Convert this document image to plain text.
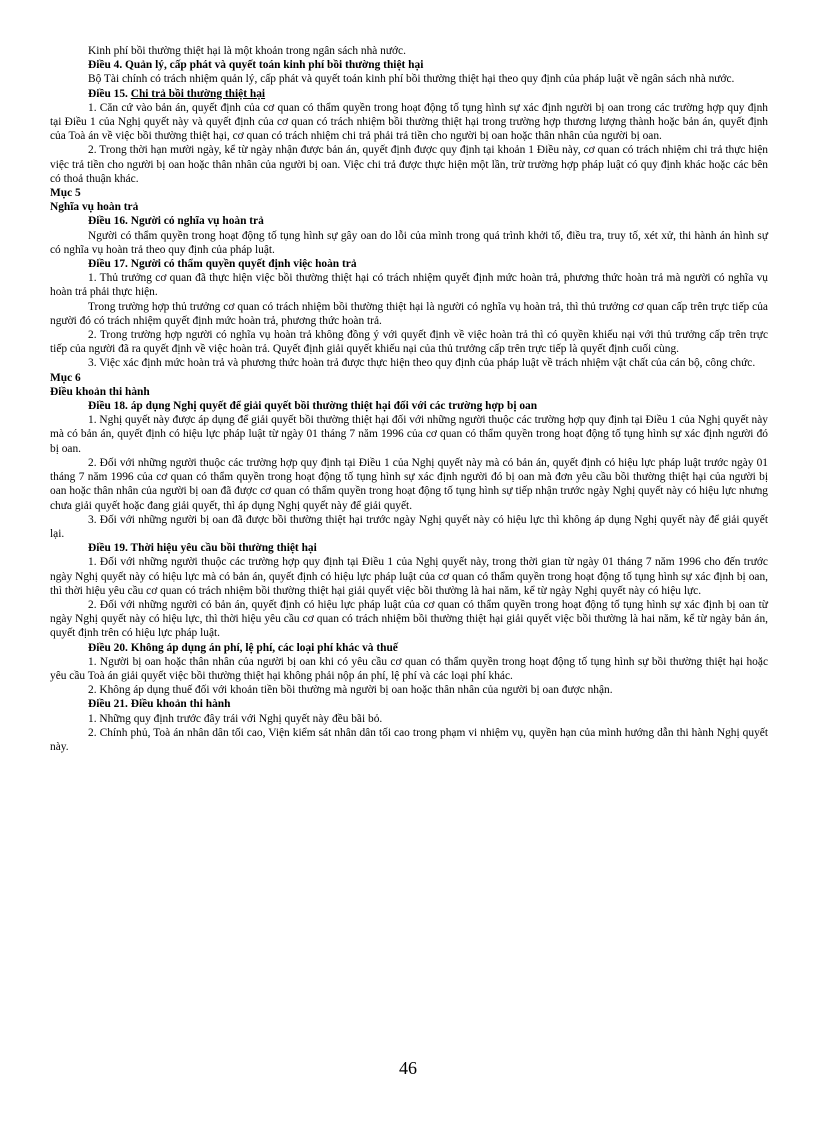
Kinh phí bồi thường thiệt hại là một khoản trong ngân sách nhà nước.

Điều 4. Quản lý, cấp phát và quyết toán kinh phí bồi thường thiệt hại

Bộ Tài chính có trách nhiệm quản lý, cấp phát và quyết toán kinh phí bồi thường thiệt hại theo quy định của pháp luật về ngân sách nhà nước.

Điều 15. Chi trả bồi thường thiệt hại

1. Căn cứ vào bản án, quyết định của cơ quan có thẩm quyền trong hoạt động tố tụng hình sự xác định người bị oan trong các trường hợp quy định tại Điều 1 của Nghị quyết này và quyết định của cơ quan có trách nhiệm bồi thường thiệt hại trong trường hợp thương lượng thành hoặc bản án, quyết định của Toà án về việc bồi thường thiệt hại, cơ quan có trách nhiệm chi trả phải trả tiền cho người bị oan hoặc thân nhân của người bị oan.

2. Trong thời hạn mười ngày, kể từ ngày nhận được bản án, quyết định được quy định tại khoản 1 Điều này, cơ quan có trách nhiệm chi trả thực hiện việc trả tiền cho người bị oan hoặc thân nhân của người bị oan. Việc chi trả được thực hiện một lần, trừ trường hợp pháp luật có quy định khác hoặc các bên có thoả thuận khác.

Mục 5

Nghĩa vụ hoàn trả

Điều 16. Người có nghĩa vụ hoàn trả

Người có thẩm quyền trong hoạt động tố tụng hình sự gây oan do lỗi của mình trong quá trình khởi tố, điều tra, truy tố, xét xử, thi hành án hình sự có nghĩa vụ hoàn trả theo quy định của pháp luật.

Điều 17. Người có thẩm quyền quyết định việc hoàn trả

1. Thủ trưởng cơ quan đã thực hiện việc bồi thường thiệt hại có trách nhiệm quyết định mức hoàn trả, phương thức hoàn trả mà người có nghĩa vụ hoàn trả phải thực hiện.

Trong trường hợp thủ trưởng cơ quan có trách nhiệm bồi thường thiệt hại là người có nghĩa vụ hoàn trả, thì thủ trưởng cơ quan cấp trên trực tiếp của người đó có trách nhiệm quyết định mức hoàn trả, phương thức hoàn trả.

2. Trong trường hợp người có nghĩa vụ hoàn trả không đồng ý với quyết định về việc hoàn trả thì có quyền khiếu nại với thủ trưởng cấp trên trực tiếp của người đã ra quyết định về việc hoàn trả. Quyết định giải quyết khiếu nại của thủ trưởng cấp trên trực tiếp là quyết định cuối cùng.

3. Việc xác định mức hoàn trả và phương thức hoàn trả được thực hiện theo quy định của pháp luật về trách nhiệm vật chất của cán bộ, công chức.

Mục 6

Điều khoản thi hành

Điều 18. áp dụng Nghị quyết để giải quyết bồi thường thiệt hại đối với các trường hợp bị oan

1. Nghị quyết này được áp dụng để giải quyết bồi thường thiệt hại đối với những người thuộc các trường hợp quy định tại Điều 1 của Nghị quyết này mà có bản án, quyết định có hiệu lực pháp luật từ ngày 01 tháng 7 năm 1996 của cơ quan có thẩm quyền trong hoạt động tố tụng hình sự xác định người đó bị oan.

2. Đối với những người thuộc các trường hợp quy định tại Điều 1 của Nghị quyết này mà có bản án, quyết định có hiệu lực pháp luật trước ngày 01 tháng 7 năm 1996 của cơ quan có thẩm quyền trong hoạt động tố tụng hình sự xác định người đó bị oan mà đơn yêu cầu bồi thường thiệt hại của người bị oan hoặc thân nhân của người bị oan đã được cơ quan có thẩm quyền trong hoạt động tố tụng hình sự tiếp nhận trước ngày Nghị quyết này có hiệu lực nhưng chưa giải quyết hoặc đang giải quyết, thì áp dụng Nghị quyết này để giải quyết.

3. Đối với những người bị oan đã được bồi thường thiệt hại trước ngày Nghị quyết này có hiệu lực thì không áp dụng Nghị quyết này để giải quyết lại.

Điều 19. Thời hiệu yêu cầu bồi thường thiệt hại

1. Đối với những người thuộc các trường hợp quy định tại Điều 1 của Nghị quyết này, trong thời gian từ ngày 01 tháng 7 năm 1996 cho đến trước ngày Nghị quyết này có hiệu lực mà có bản án, quyết định có hiệu lực pháp luật của cơ quan có thẩm quyền trong hoạt động tố tụng hình sự xác định bị oan, thì thời hiệu yêu cầu cơ quan có trách nhiệm bồi thường thiệt hại giải quyết việc bồi thường là hai năm, kể từ ngày Nghị quyết này có hiệu lực.

2. Đối với những người có bản án, quyết định có hiệu lực pháp luật của cơ quan có thẩm quyền trong hoạt động tố tụng hình sự xác định bị oan từ ngày Nghị quyết này có hiệu lực, thì thời hiệu yêu cầu cơ quan có trách nhiệm bồi thường thiệt hại giải quyết việc bồi thường là hai năm, kể từ ngày bản án, quyết định trên có hiệu lực pháp luật.

Điều 20. Không áp dụng án phí, lệ phí, các loại phí khác và thuế

1. Người bị oan hoặc thân nhân của người bị oan khi có yêu cầu cơ quan có thẩm quyền trong hoạt động tố tụng hình sự bồi thường thiệt hại hoặc yêu cầu Toà án giải quyết việc bồi thường thiệt hại không phải nộp án phí, lệ phí và các loại phí khác.

2. Không áp dụng thuế đối với khoản tiền bồi thường mà người bị oan hoặc thân nhân của người bị oan được nhận.

Điều 21. Điều khoản thi hành

1. Những quy định trước đây trái với Nghị quyết này đều bãi bỏ.

2. Chính phủ, Toà án nhân dân tối cao, Viện kiểm sát nhân dân tối cao trong phạm vi nhiệm vụ, quyền hạn của mình hướng dẫn thi hành Nghị quyết này.

46
